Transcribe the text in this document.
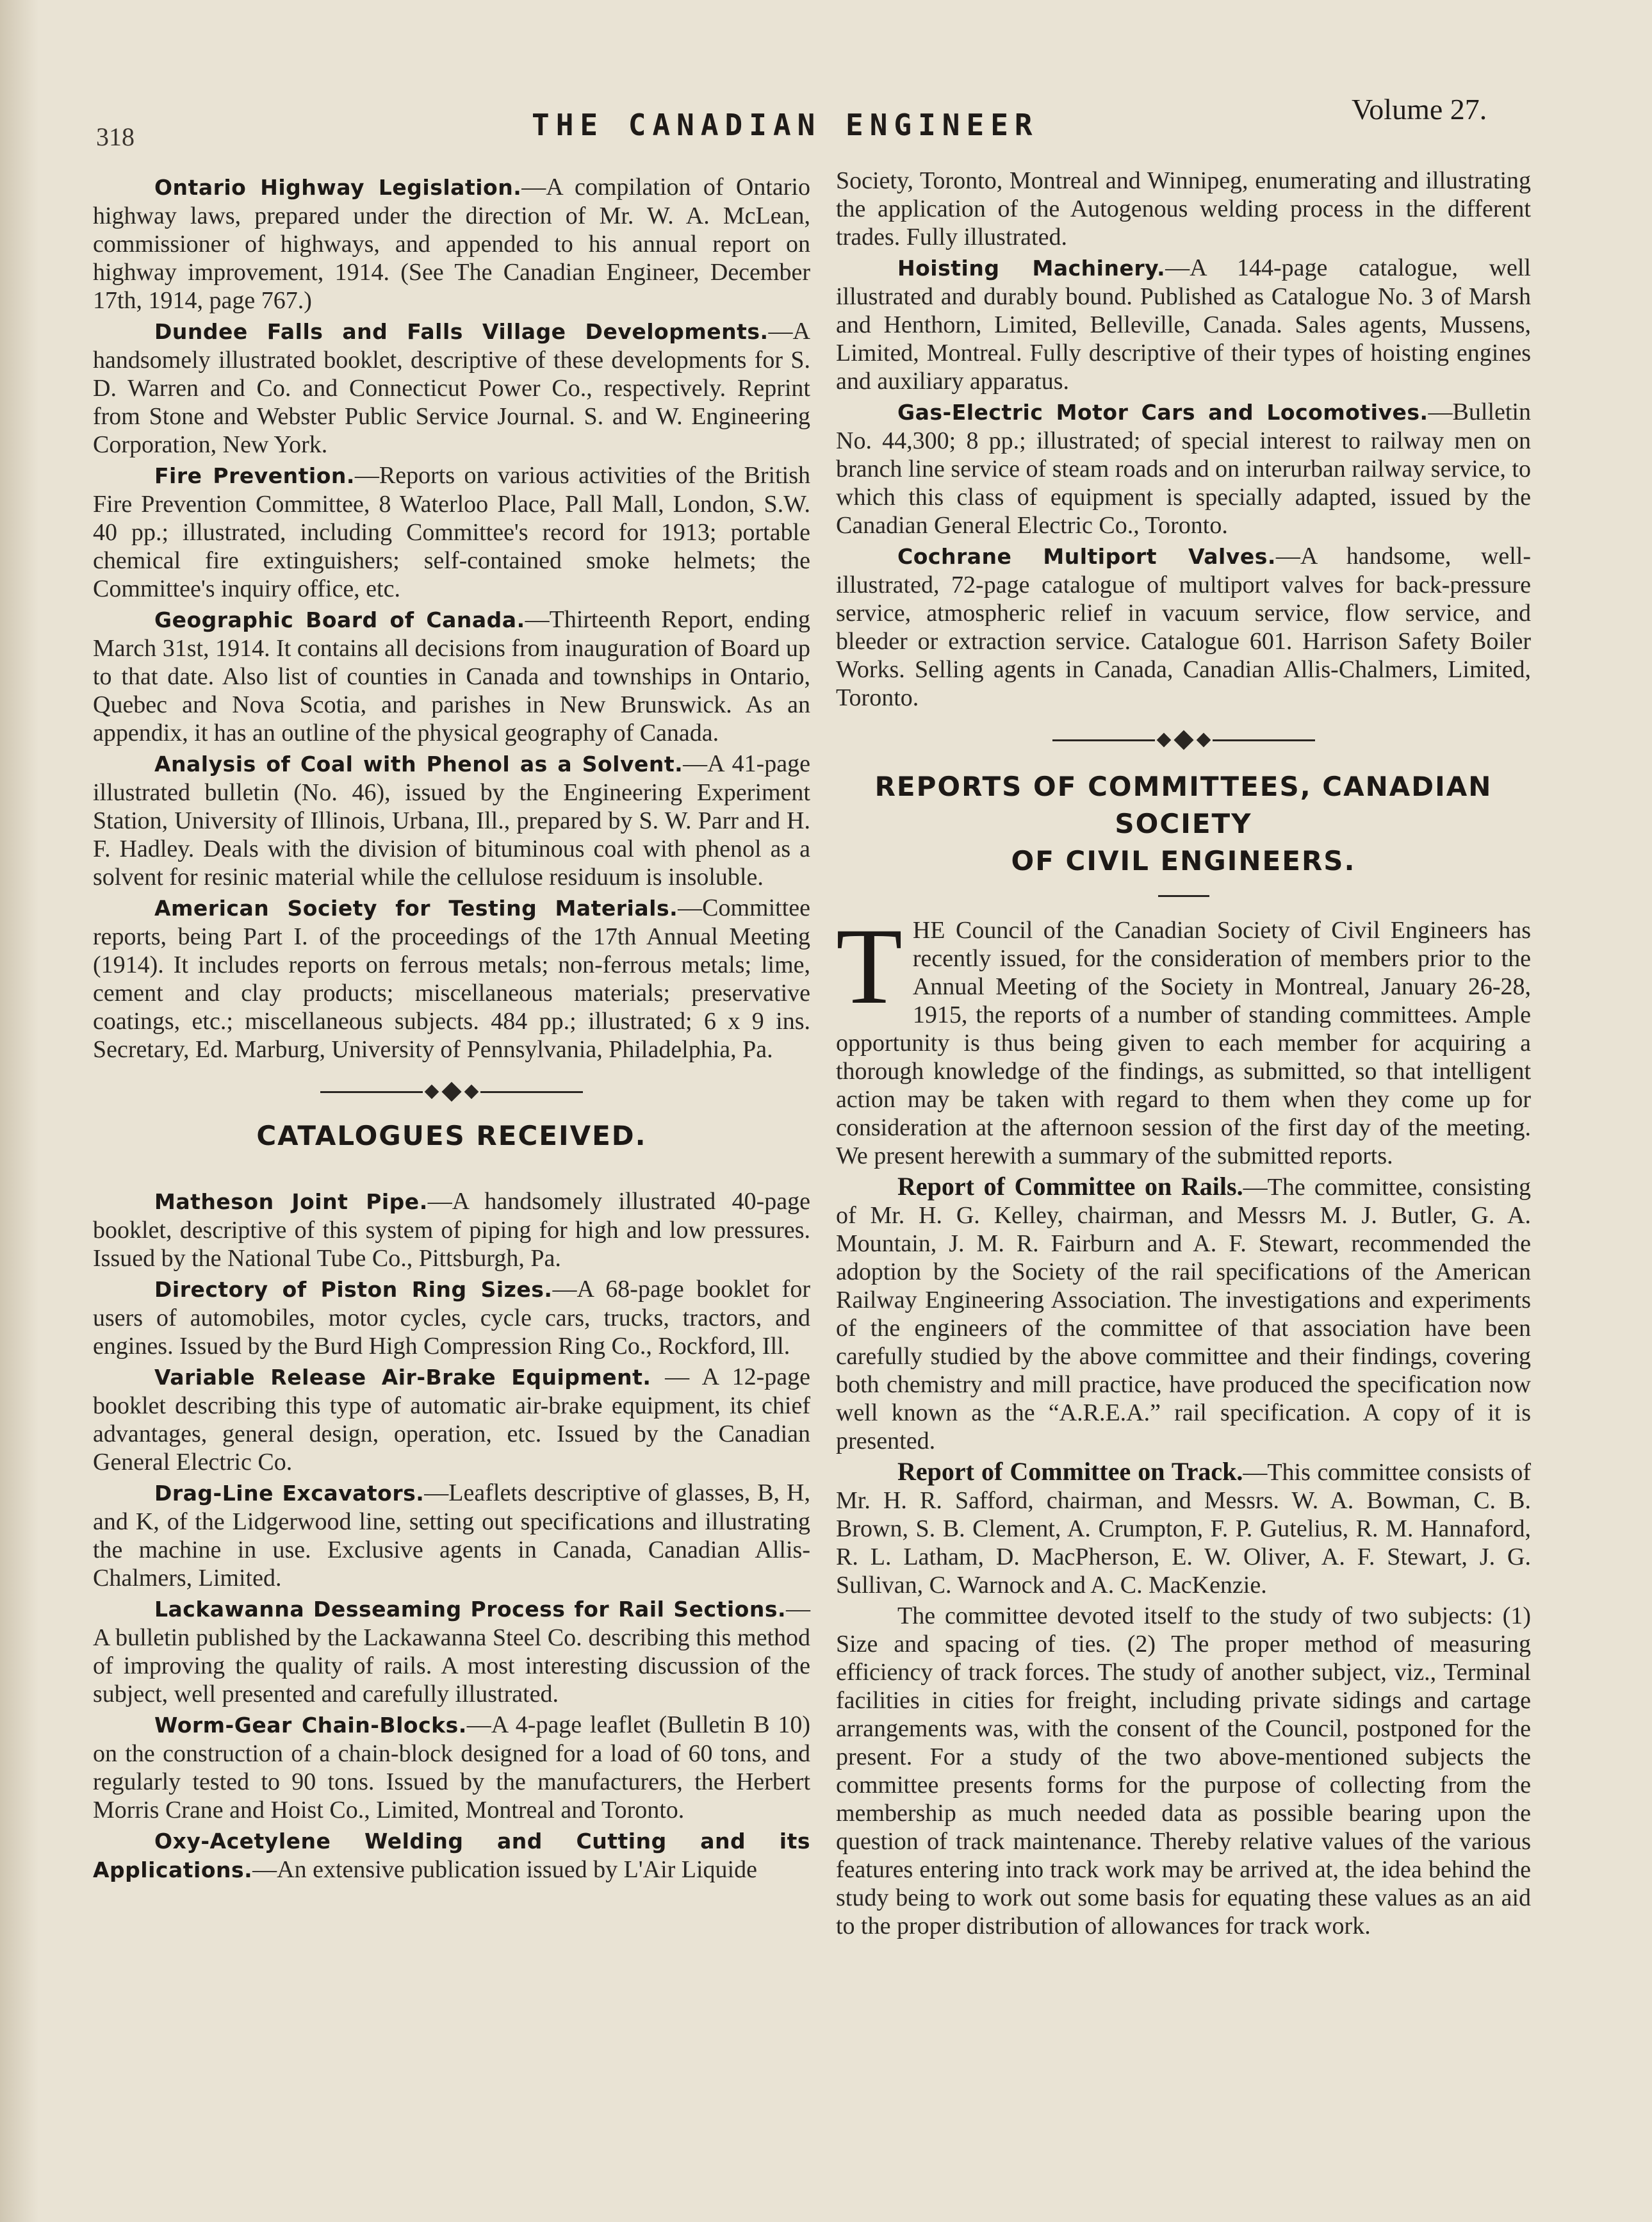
318	THE CANADIAN ENGINEER	Volume 27.

Ontario Highway Legislation.—A compilation of Ontario highway laws, prepared under the direction of Mr. W. A. McLean, commissioner of highways, and appended to his annual report on highway improvement, 1914. (See The Canadian Engineer, December 17th, 1914, page 767.)

Dundee Falls and Falls Village Developments.—A handsomely illustrated booklet, descriptive of these developments for S. D. Warren and Co. and Connecticut Power Co., respectively. Reprint from Stone and Webster Public Service Journal. S. and W. Engineering Corporation, New York.

Fire Prevention.—Reports on various activities of the British Fire Prevention Committee, 8 Waterloo Place, Pall Mall, London, S.W. 40 pp.; illustrated, including Committee's record for 1913; portable chemical fire extinguishers; self-contained smoke helmets; the Committee's inquiry office, etc.

Geographic Board of Canada.—Thirteenth Report, ending March 31st, 1914. It contains all decisions from inauguration of Board up to that date. Also list of counties in Canada and townships in Ontario, Quebec and Nova Scotia, and parishes in New Brunswick. As an appendix, it has an outline of the physical geography of Canada.

Analysis of Coal with Phenol as a Solvent.—A 41-page illustrated bulletin (No. 46), issued by the Engineering Experiment Station, University of Illinois, Urbana, Ill., prepared by S. W. Parr and H. F. Hadley. Deals with the division of bituminous coal with phenol as a solvent for resinic material while the cellulose residuum is insoluble.

American Society for Testing Materials.—Committee reports, being Part I. of the proceedings of the 17th Annual Meeting (1914). It includes reports on ferrous metals; non-ferrous metals; lime, cement and clay products; miscellaneous materials; preservative coatings, etc.; miscellaneous subjects. 484 pp.; illustrated; 6 x 9 ins. Secretary, Ed. Marburg, University of Pennsylvania, Philadelphia, Pa.

CATALOGUES RECEIVED.

Matheson Joint Pipe.—A handsomely illustrated 40-page booklet, descriptive of this system of piping for high and low pressures. Issued by the National Tube Co., Pittsburgh, Pa.

Directory of Piston Ring Sizes.—A 68-page booklet for users of automobiles, motor cycles, cycle cars, trucks, tractors, and engines. Issued by the Burd High Compression Ring Co., Rockford, Ill.

Variable Release Air-Brake Equipment. — A 12-page booklet describing this type of automatic air-brake equipment, its chief advantages, general design, operation, etc. Issued by the Canadian General Electric Co.

Drag-Line Excavators.—Leaflets descriptive of glasses, B, H, and K, of the Lidgerwood line, setting out specifications and illustrating the machine in use. Exclusive agents in Canada, Canadian Allis-Chalmers, Limited.

Lackawanna Desseaming Process for Rail Sections.—A bulletin published by the Lackawanna Steel Co. describing this method of improving the quality of rails. A most interesting discussion of the subject, well presented and carefully illustrated.

Worm-Gear Chain-Blocks.—A 4-page leaflet (Bulletin B 10) on the construction of a chain-block designed for a load of 60 tons, and regularly tested to 90 tons. Issued by the manufacturers, the Herbert Morris Crane and Hoist Co., Limited, Montreal and Toronto.

Oxy-Acetylene Welding and Cutting and its Applications.—An extensive publication issued by L'Air Liquide

Society, Toronto, Montreal and Winnipeg, enumerating and illustrating the application of the Autogenous welding process in the different trades. Fully illustrated.

Hoisting Machinery.—A 144-page catalogue, well illustrated and durably bound. Published as Catalogue No. 3 of Marsh and Henthorn, Limited, Belleville, Canada. Sales agents, Mussens, Limited, Montreal. Fully descriptive of their types of hoisting engines and auxiliary apparatus.

Gas-Electric Motor Cars and Locomotives.—Bulletin No. 44,300; 8 pp.; illustrated; of special interest to railway men on branch line service of steam roads and on interurban railway service, to which this class of equipment is specially adapted, issued by the Canadian General Electric Co., Toronto.

Cochrane Multiport Valves.—A handsome, well-illustrated, 72-page catalogue of multiport valves for back-pressure service, atmospheric relief in vacuum service, flow service, and bleeder or extraction service. Catalogue 601. Harrison Safety Boiler Works. Selling agents in Canada, Canadian Allis-Chalmers, Limited, Toronto.

REPORTS OF COMMITTEES, CANADIAN SOCIETY
OF CIVIL ENGINEERS.

THE Council of the Canadian Society of Civil Engineers has recently issued, for the consideration of members prior to the Annual Meeting of the Society in Montreal, January 26-28, 1915, the reports of a number of standing committees. Ample opportunity is thus being given to each member for acquiring a thorough knowledge of the findings, as submitted, so that intelligent action may be taken with regard to them when they come up for consideration at the afternoon session of the first day of the meeting. We present herewith a summary of the submitted reports.

Report of Committee on Rails.—The committee, consisting of Mr. H. G. Kelley, chairman, and Messrs M. J. Butler, G. A. Mountain, J. M. R. Fairburn and A. F. Stewart, recommended the adoption by the Society of the rail specifications of the American Railway Engineering Association. The investigations and experiments of the engineers of the committee of that association have been carefully studied by the above committee and their findings, covering both chemistry and mill practice, have produced the specification now well known as the “A.R.E.A.” rail specification. A copy of it is presented.

Report of Committee on Track.—This committee consists of Mr. H. R. Safford, chairman, and Messrs. W. A. Bowman, C. B. Brown, S. B. Clement, A. Crumpton, F. P. Gutelius, R. M. Hannaford, R. L. Latham, D. MacPherson, E. W. Oliver, A. F. Stewart, J. G. Sullivan, C. Warnock and A. C. MacKenzie.

The committee devoted itself to the study of two subjects: (1) Size and spacing of ties. (2) The proper method of measuring efficiency of track forces. The study of another subject, viz., Terminal facilities in cities for freight, including private sidings and cartage arrangements was, with the consent of the Council, postponed for the present. For a study of the two above-mentioned subjects the committee presents forms for the purpose of collecting from the membership as much needed data as possible bearing upon the question of track maintenance. Thereby relative values of the various features entering into track work may be arrived at, the idea behind the study being to work out some basis for equating these values as an aid to the proper distribution of allowances for track work.
